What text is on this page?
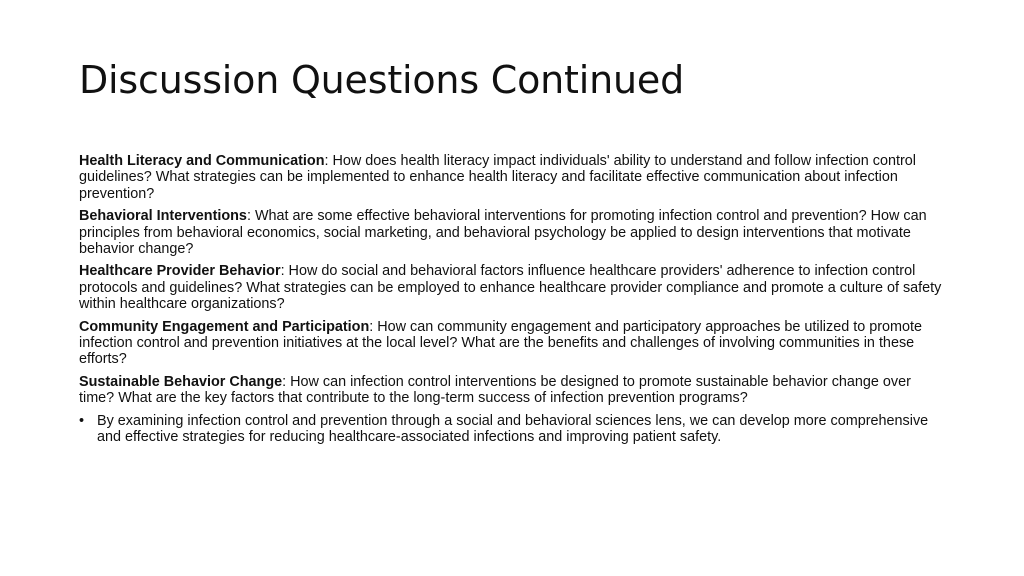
Discussion Questions Continued

Health Literacy and Communication: How does health literacy impact individuals' ability to understand and follow infection control guidelines? What strategies can be implemented to enhance health literacy and facilitate effective communication about infection prevention?

Behavioral Interventions: What are some effective behavioral interventions for promoting infection control and prevention? How can principles from behavioral economics, social marketing, and behavioral psychology be applied to design interventions that motivate behavior change?

Healthcare Provider Behavior: How do social and behavioral factors influence healthcare providers' adherence to infection control protocols and guidelines? What strategies can be employed to enhance healthcare provider compliance and promote a culture of safety within healthcare organizations?

Community Engagement and Participation: How can community engagement and participatory approaches be utilized to promote infection control and prevention initiatives at the local level? What are the benefits and challenges of involving communities in these efforts?

Sustainable Behavior Change: How can infection control interventions be designed to promote sustainable behavior change over time? What are the key factors that contribute to the long-term success of infection prevention programs?

• By examining infection control and prevention through a social and behavioral sciences lens, we can develop more comprehensive and effective strategies for reducing healthcare-associated infections and improving patient safety.
